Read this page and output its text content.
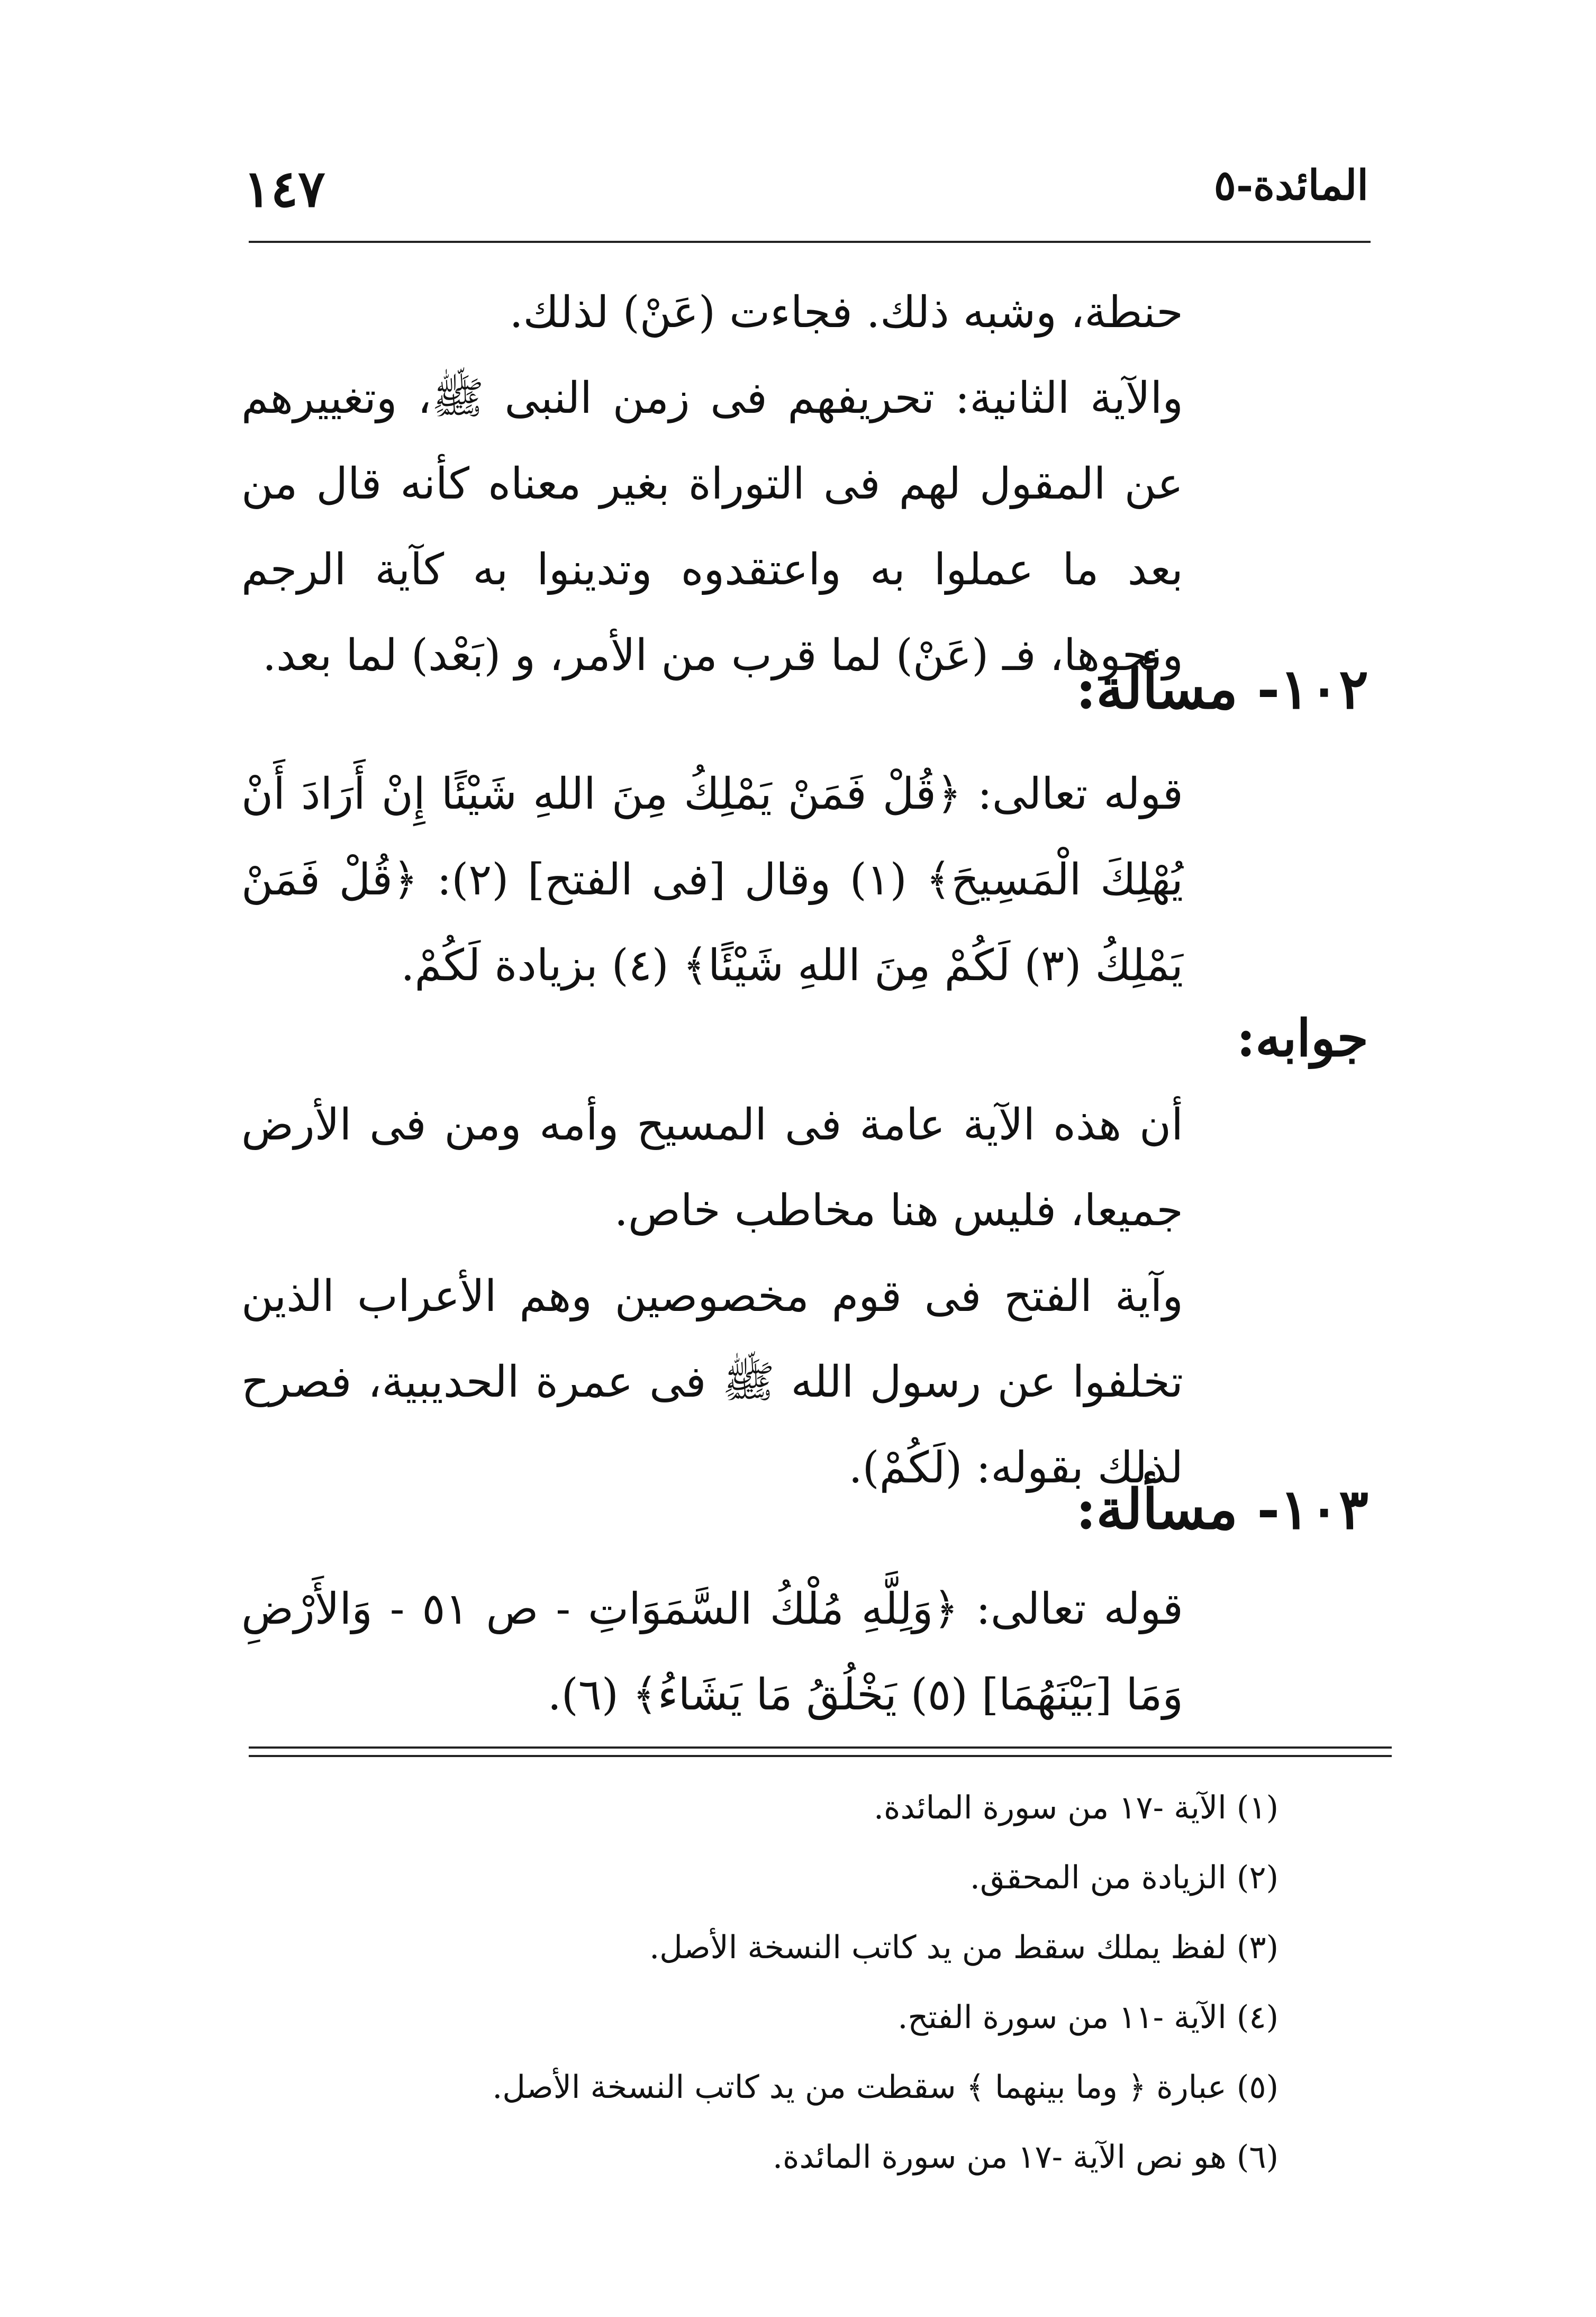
١٤٧	المائدة-٥

حنطة، وشبه ذلك. فجاءت (عَنْ) لذلك.

والآية الثانية: تحريفهم فى زمن النبى ﷺ، وتغييرهم عن المقول لهم فى التوراة بغير معناه كأنه قال من بعد ما عملوا به واعتقدوه وتدينوا به كآية الرجم ونحوها، فـ (عَنْ) لما قرب من الأمر، و (بَعْد) لما بعد.

١٠٢- مسألة:

قوله تعالى: ﴿قُلْ فَمَنْ يَمْلِكُ مِنَ اللهِ شَيْئًا إِنْ أَرَادَ أَنْ يُهْلِكَ الْمَسِيحَ﴾ (١) وقال [فى الفتح] (٢): ﴿قُلْ فَمَنْ يَمْلِكُ (٣) لَكُمْ مِنَ اللهِ شَيْئًا﴾ (٤) بزيادة لَكُمْ.

جوابه:

أن هذه الآية عامة فى المسيح وأمه ومن فى الأرض جميعا، فليس هنا مخاطب خاص.

وآية الفتح فى قوم مخصوصين وهم الأعراب الذين تخلفوا عن رسول الله ﷺ فى عمرة الحديبية، فصرح لذلك بقوله: (لَكُمْ).

١٠٣- مسألة:

قوله تعالى: ﴿وَلِلَّهِ مُلْكُ السَّمَوَاتِ - ص ٥١ - وَالأَرْضِ وَمَا [بَيْنَهُمَا] (٥) يَخْلُقُ مَا يَشَاءُ﴾ (٦).

(١) الآية -١٧ من سورة المائدة.
(٢) الزيادة من المحقق.
(٣) لفظ يملك سقط من يد كاتب النسخة الأصل.
(٤) الآية -١١ من سورة الفتح.
(٥) عبارة ﴿ وما بينهما ﴾ سقطت من يد كاتب النسخة الأصل.
(٦) هو نص الآية -١٧ من سورة المائدة.
